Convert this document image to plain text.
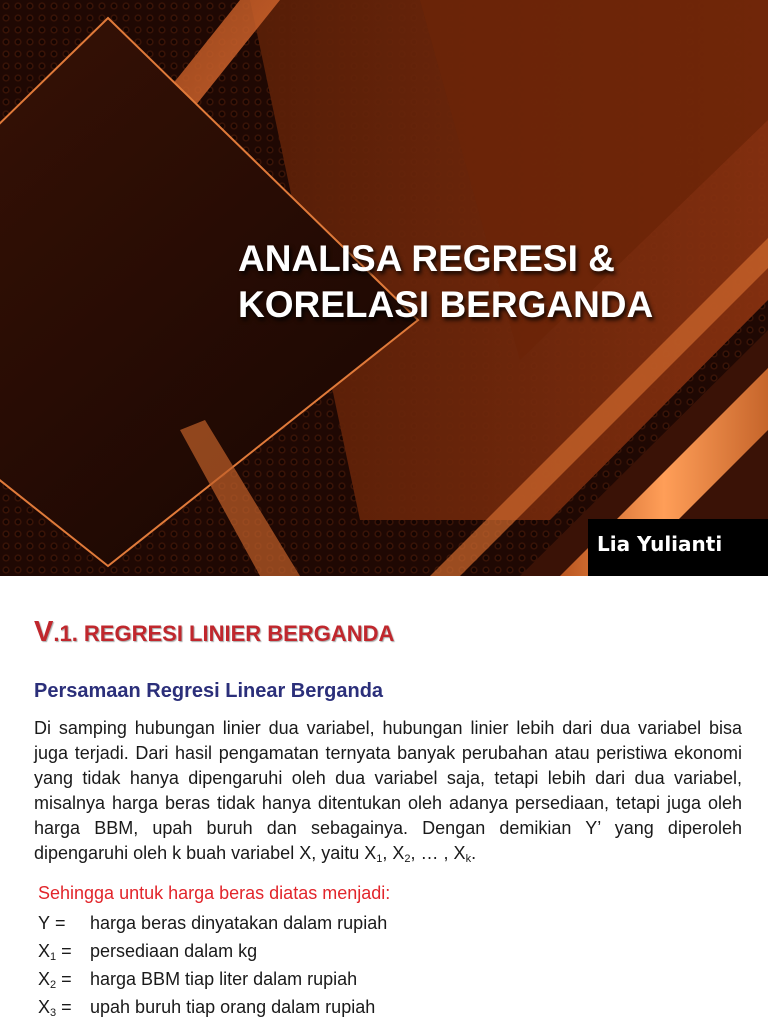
ANALISA REGRESI &
KORELASI BERGANDA
Lia Yulianti
V.1. REGRESI LINIER BERGANDA
Persamaan Regresi Linear Berganda

Di samping hubungan linier dua variabel, hubungan linier lebih dari dua variabel bisa juga terjadi. Dari hasil pengamatan ternyata banyak perubahan atau peristiwa ekonomi yang tidak hanya dipengaruhi oleh dua variabel saja, tetapi lebih dari dua variabel, misalnya harga beras tidak hanya ditentukan oleh adanya persediaan, tetapi juga oleh harga BBM, upah buruh dan sebagainya. Dengan demikian Y’ yang diperoleh dipengaruhi oleh k buah variabel X, yaitu $X_1$, $X_2$, … , $X_k$.

Sehingga untuk harga beras diatas menjadi:

Y = harga beras dinyatakan dalam rupiah
$X_1$ = persediaan dalam kg
$X_2$ = harga BBM tiap liter dalam rupiah
$X_3$ = upah buruh tiap orang dalam rupiah
